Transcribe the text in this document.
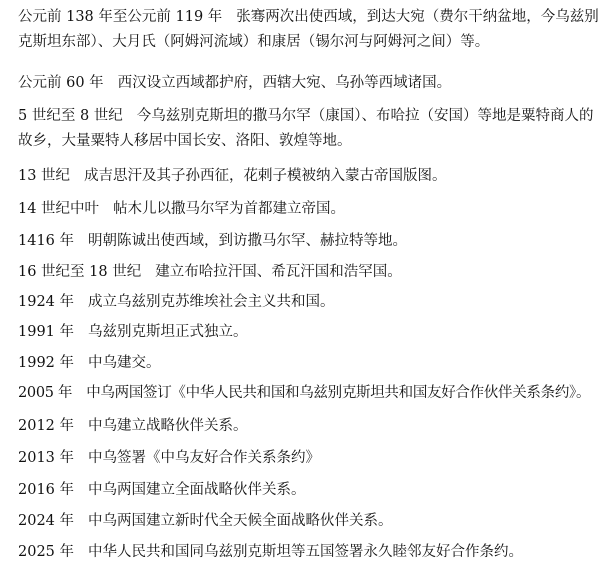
公元前 138 年至公元前 119 年 张骞两次出使西域，到达大宛（费尔干纳盆地，今乌兹别克斯坦东部）、大月氏（阿姆河流域）和康居（锡尔河与阿姆河之间）等。

公元前 60 年 西汉设立西域都护府，西辖大宛、乌孙等西域诸国。

5 世纪至 8 世纪 今乌兹别克斯坦的撒马尔罕（康国）、布哈拉（安国）等地是粟特商人的故乡，大量粟特人移居中国长安、洛阳、敦煌等地。

13 世纪 成吉思汗及其子孙西征，花剌子模被纳入蒙古帝国版图。

14 世纪中叶 帖木儿以撒马尔罕为首都建立帝国。

1416 年 明朝陈诚出使西域，到访撒马尔罕、赫拉特等地。

16 世纪至 18 世纪 建立布哈拉汗国、希瓦汗国和浩罕国。

1924 年 成立乌兹别克苏维埃社会主义共和国。

1991 年 乌兹别克斯坦正式独立。

1992 年 中乌建交。

2005 年 中乌两国签订《中华人民共和国和乌兹别克斯坦共和国友好合作伙伴关系条约》。

2012 年 中乌建立战略伙伴关系。

2013 年 中乌签署《中乌友好合作关系条约》

2016 年 中乌两国建立全面战略伙伴关系。

2024 年 中乌两国建立新时代全天候全面战略伙伴关系。

2025 年 中华人民共和国同乌兹别克斯坦等五国签署永久睦邻友好合作条约。
